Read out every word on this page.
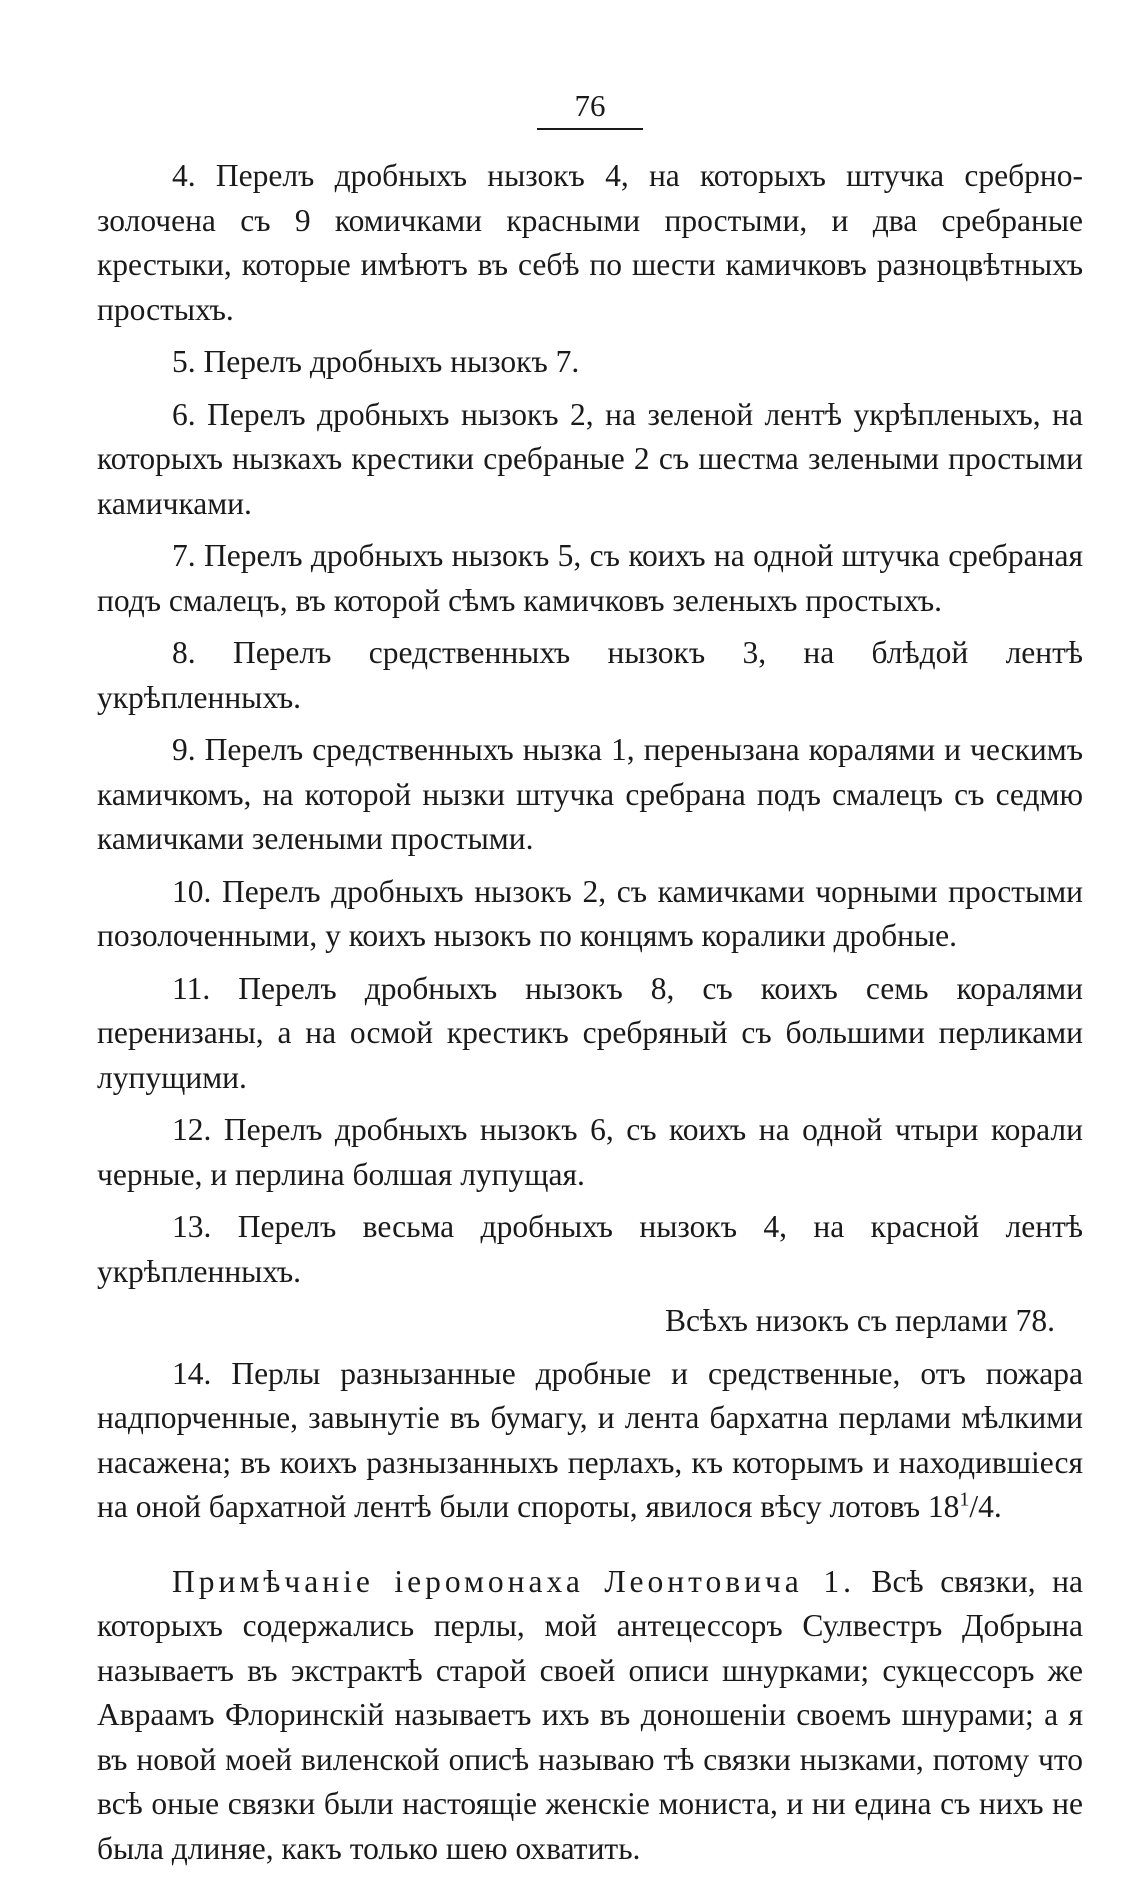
76

4. Перелъ дробныхъ нызокъ 4, на которыхъ штучка сребрно-золочена съ 9 комичками красными простыми, и два сребраные крестыки, которые имѣютъ въ себѣ по шести камичковъ разноцвѣтныхъ простыхъ.

5. Перелъ дробныхъ нызокъ 7.

6. Перелъ дробныхъ нызокъ 2, на зеленой лентѣ укрѣпленыхъ, на которыхъ нызкахъ крестики сребраные 2 съ шестма зелеными простыми камичками.

7. Перелъ дробныхъ нызокъ 5, съ коихъ на одной штучка сребраная подъ смалецъ, въ которой сѣмъ камичковъ зеленыхъ простыхъ.

8. Перелъ средственныхъ нызокъ 3, на блѣдой лентѣ укрѣпленныхъ.

9. Перелъ средственныхъ нызка 1, перенызана коралями и ческимъ камичкомъ, на которой нызки штучка сребрана подъ смалецъ съ седмю камичками зелеными простыми.

10. Перелъ дробныхъ нызокъ 2, съ камичками чорными простыми позолоченными, у коихъ нызокъ по концямъ коралики дробные.

11. Перелъ дробныхъ нызокъ 8, съ коихъ семь коралями перенизаны, а на осмой крестикъ сребряный съ большими перликами лупущими.

12. Перелъ дробныхъ нызокъ 6, съ коихъ на одной чтыри корали черные, и перлина болшая лупущая.

13. Перелъ весьма дробныхъ нызокъ 4, на красной лентѣ укрѣпленныхъ.

Всѣхъ низокъ съ перлами 78.

14. Перлы разнызанные дробные и средственные, отъ пожара надпорченные, завынутіе въ бумагу, и лента бархатна перлами мѣлкими насажена; въ коихъ разнызанныхъ перлахъ, къ которымъ и находившіеся на оной бархатной лентѣ были спороты, явилося вѣсу лотовъ $18^1/4$.

Примѣчаніе іеромонаха Леонтовича 1. Всѣ связки, на которыхъ содержались перлы, мой антецессоръ Сулвестръ Добрына называетъ въ экстрактѣ старой своей описи шнурками; сукцессоръ же Авраамъ Флоринскій называетъ ихъ въ доношеніи своемъ шнурами; а я въ новой моей виленской описѣ называю тѣ связки нызками, потому что всѣ оные связки были настоящіе женскіе мониста, и ни едина съ нихъ не была длиняе, какъ только шею охватить.
